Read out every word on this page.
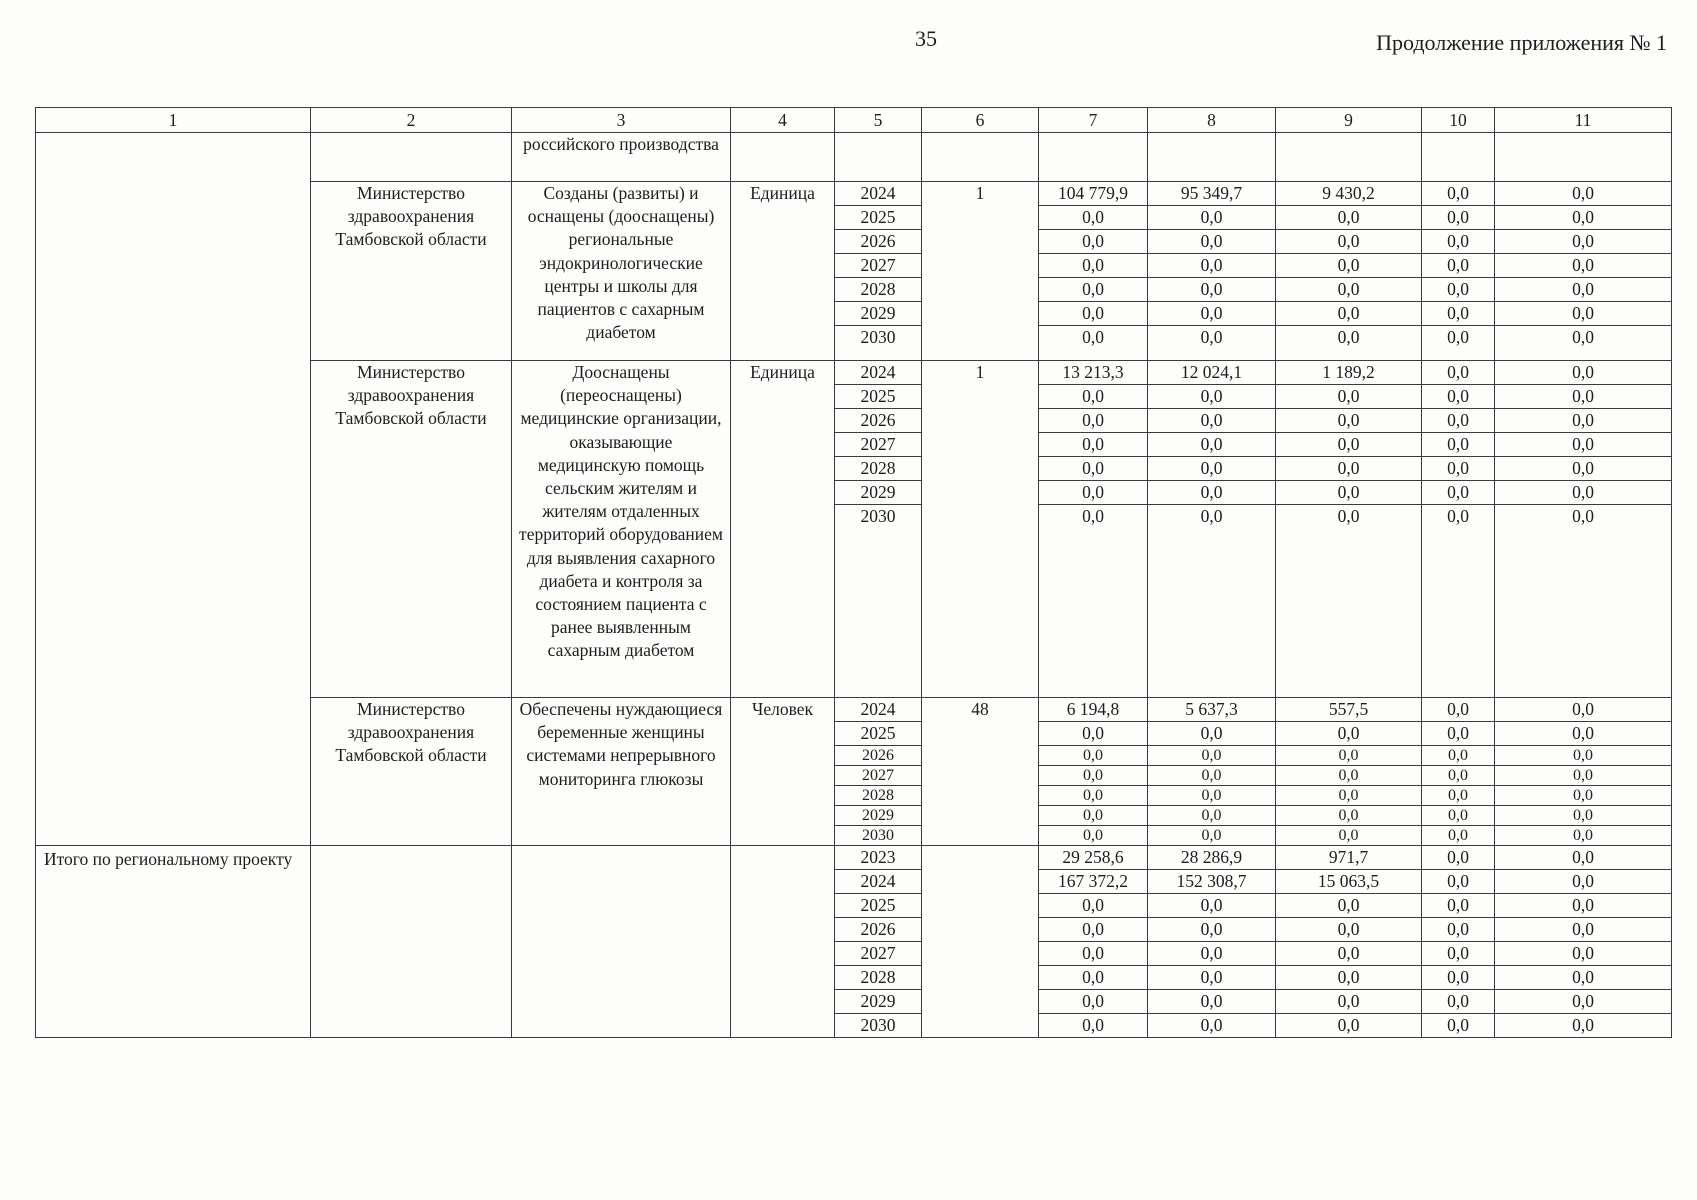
35	Продолжение приложения № 1
1	2	3	4	5	6	7	8	9	10	11
		российского производства								
	Министерство здравоохранения Тамбовской области	Созданы (развиты) и оснащены (дооснащены) региональные эндокринологические центры и школы для пациентов с сахарным диабетом	Единица	2024	1	104 779,9	95 349,7	9 430,2	0,0	0,0
				2025		0,0	0,0	0,0	0,0	0,0
				2026		0,0	0,0	0,0	0,0	0,0
				2027		0,0	0,0	0,0	0,0	0,0
				2028		0,0	0,0	0,0	0,0	0,0
				2029		0,0	0,0	0,0	0,0	0,0
				2030		0,0	0,0	0,0	0,0	0,0
	Министерство здравоохранения Тамбовской области	Дооснащены (переоснащены) медицинские организации, оказывающие медицинскую помощь сельским жителям и жителям отдаленных территорий оборудованием для выявления сахарного диабета и контроля за состоянием пациента с ранее выявленным сахарным диабетом	Единица	2024	1	13 213,3	12 024,1	1 189,2	0,0	0,0
				2025		0,0	0,0	0,0	0,0	0,0
				2026		0,0	0,0	0,0	0,0	0,0
				2027		0,0	0,0	0,0	0,0	0,0
				2028		0,0	0,0	0,0	0,0	0,0
				2029		0,0	0,0	0,0	0,0	0,0
				2030		0,0	0,0	0,0	0,0	0,0
	Министерство здравоохранения Тамбовской области	Обеспечены нуждающиеся беременные женщины системами непрерывного мониторинга глюкозы	Человек	2024	48	6 194,8	5 637,3	557,5	0,0	0,0
				2025		0,0	0,0	0,0	0,0	0,0
				2026		0,0	0,0	0,0	0,0	0,0
				2027		0,0	0,0	0,0	0,0	0,0
				2028		0,0	0,0	0,0	0,0	0,0
				2029		0,0	0,0	0,0	0,0	0,0
				2030		0,0	0,0	0,0	0,0	0,0
Итого по региональному проекту				2023		29 258,6	28 286,9	971,7	0,0	0,0
				2024		167 372,2	152 308,7	15 063,5	0,0	0,0
				2025		0,0	0,0	0,0	0,0	0,0
				2026		0,0	0,0	0,0	0,0	0,0
				2027		0,0	0,0	0,0	0,0	0,0
				2028		0,0	0,0	0,0	0,0	0,0
				2029		0,0	0,0	0,0	0,0	0,0
				2030		0,0	0,0	0,0	0,0	0,0
